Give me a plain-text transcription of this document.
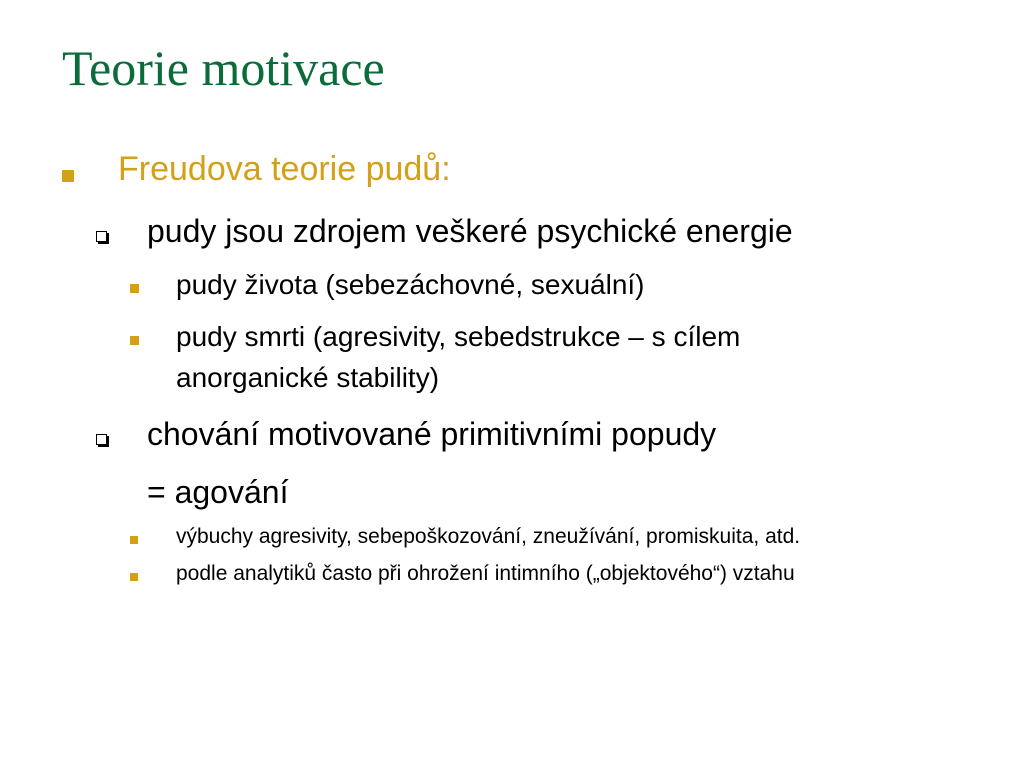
Teorie motivace
Freudova teorie pudů:
pudy jsou zdrojem veškeré psychické energie
pudy života (sebezáchovné, sexuální)
pudy smrti (agresivity, sebedstrukce – s cílem
anorganické stability)
chování motivované primitivními popudy
= agování
výbuchy agresivity, sebepoškozování, zneužívání, promiskuita, atd.
podle analytiků často při ohrožení intimního („objektového“) vztahu
